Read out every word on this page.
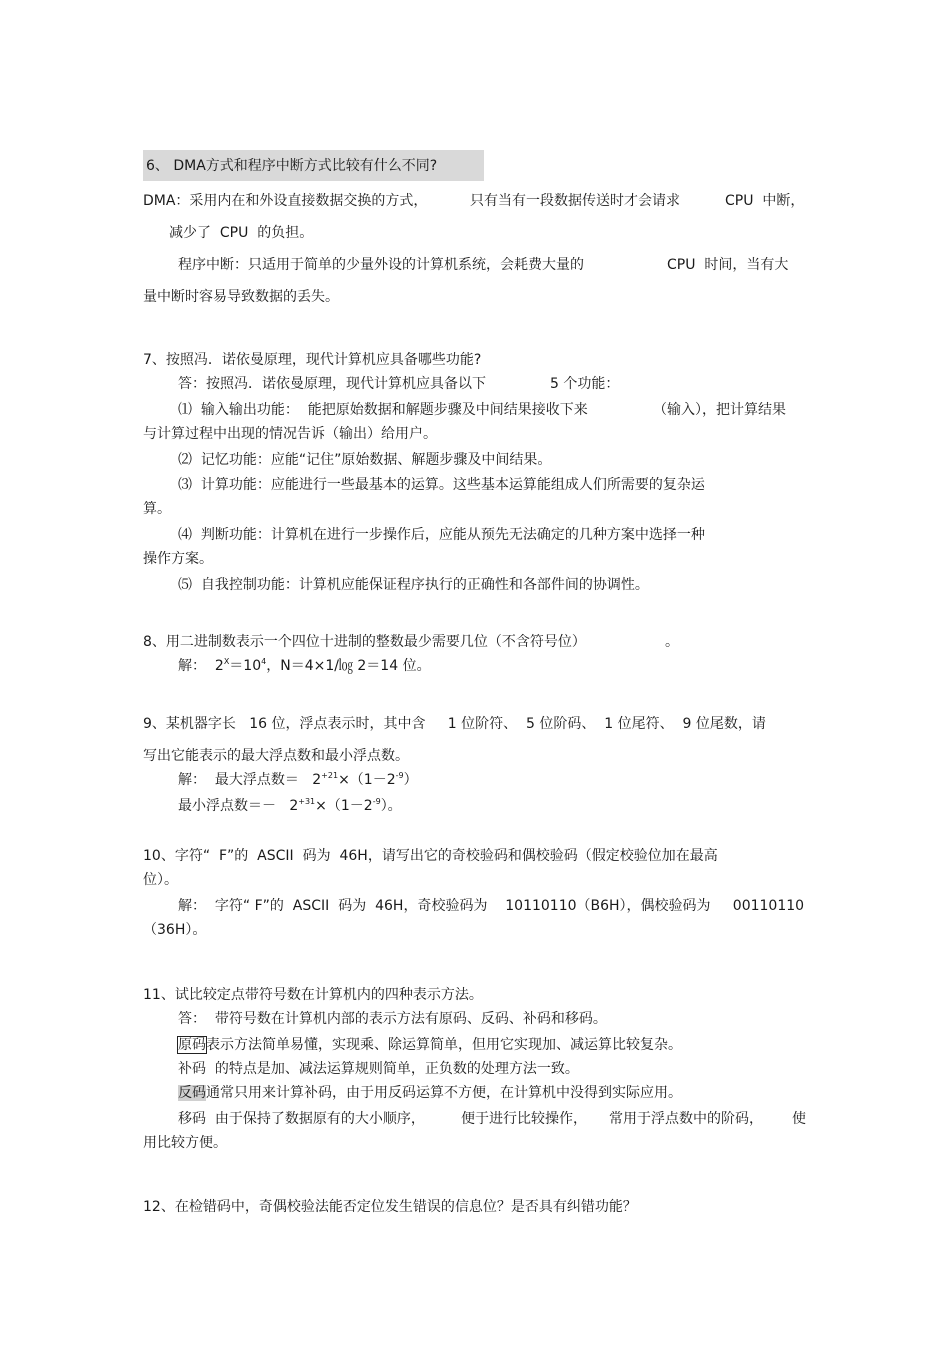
6、 DMA方式和程序中断方式比较有什么不同?
DMA：采用内在和外设直接数据交换的方式，	只有当有一段数据传送时才会请求	CPU  中断，
减少了  CPU  的负担。
程序中断：只适用于简单的少量外设的计算机系统，会耗费大量的	CPU  时间，当有大
量中断时容易导致数据的丢失。
7、按照冯．诺依曼原理，现代计算机应具备哪些功能?
答：按照冯．诺依曼原理，现代计算机应具备以下	5 个功能：
⑴  输入输出功能：  能把原始数据和解题步骤及中间结果接收下来	（输入），把计算结果
与计算过程中出现的情况告诉（输出）给用户。
⑵  记忆功能：应能“记住”原始数据、解题步骤及中间结果。
⑶  计算功能：应能进行一些最基本的运算。这些基本运算能组成人们所需要的复杂运
算。
⑷  判断功能：计算机在进行一步操作后，应能从预先无法确定的几种方案中选择一种
操作方案。
⑸  自我控制功能：计算机应能保证程序执行的正确性和各部件间的协调性。
8、用二进制数表示一个四位十进制的整数最少需要几位（不含符号位）	。
解：  $2^X=10^4$，N＝4×1/㏒ 2＝14 位。
9、某机器字长   16 位，浮点表示时，其中含     1 位阶符、  5 位阶码、  1 位尾符、  9 位尾数，请
写出它能表示的最大浮点数和最小浮点数。
解：  最大浮点数＝   $2^{+21}\times(1-2^{-9})$
最小浮点数＝－   $2^{+31}\times(1-2^{-9})$。
10、字符“  F”的  ASCII  码为  46H，请写出它的奇校验码和偶校验码（假定校验位加在最高
位）。
解：  字符“ F”的  ASCII  码为  46H，奇校验码为    10110110（B6H），偶校验码为     00110110
（36H）。
11、试比较定点带符号数在计算机内的四种表示方法。
答：  带符号数在计算机内部的表示方法有原码、反码、补码和移码。
原码表示方法简单易懂，实现乘、除运算简单，但用它实现加、减运算比较复杂。
补码  的特点是加、减法运算规则简单，正负数的处理方法一致。
反码通常只用来计算补码，由于用反码运算不方便，在计算机中没得到实际应用。
移码  由于保持了数据原有的大小顺序，	便于进行比较操作， 常用于浮点数中的阶码， 使
用比较方便。
12、在检错码中，奇偶校验法能否定位发生错误的信息位？是否具有纠错功能？
